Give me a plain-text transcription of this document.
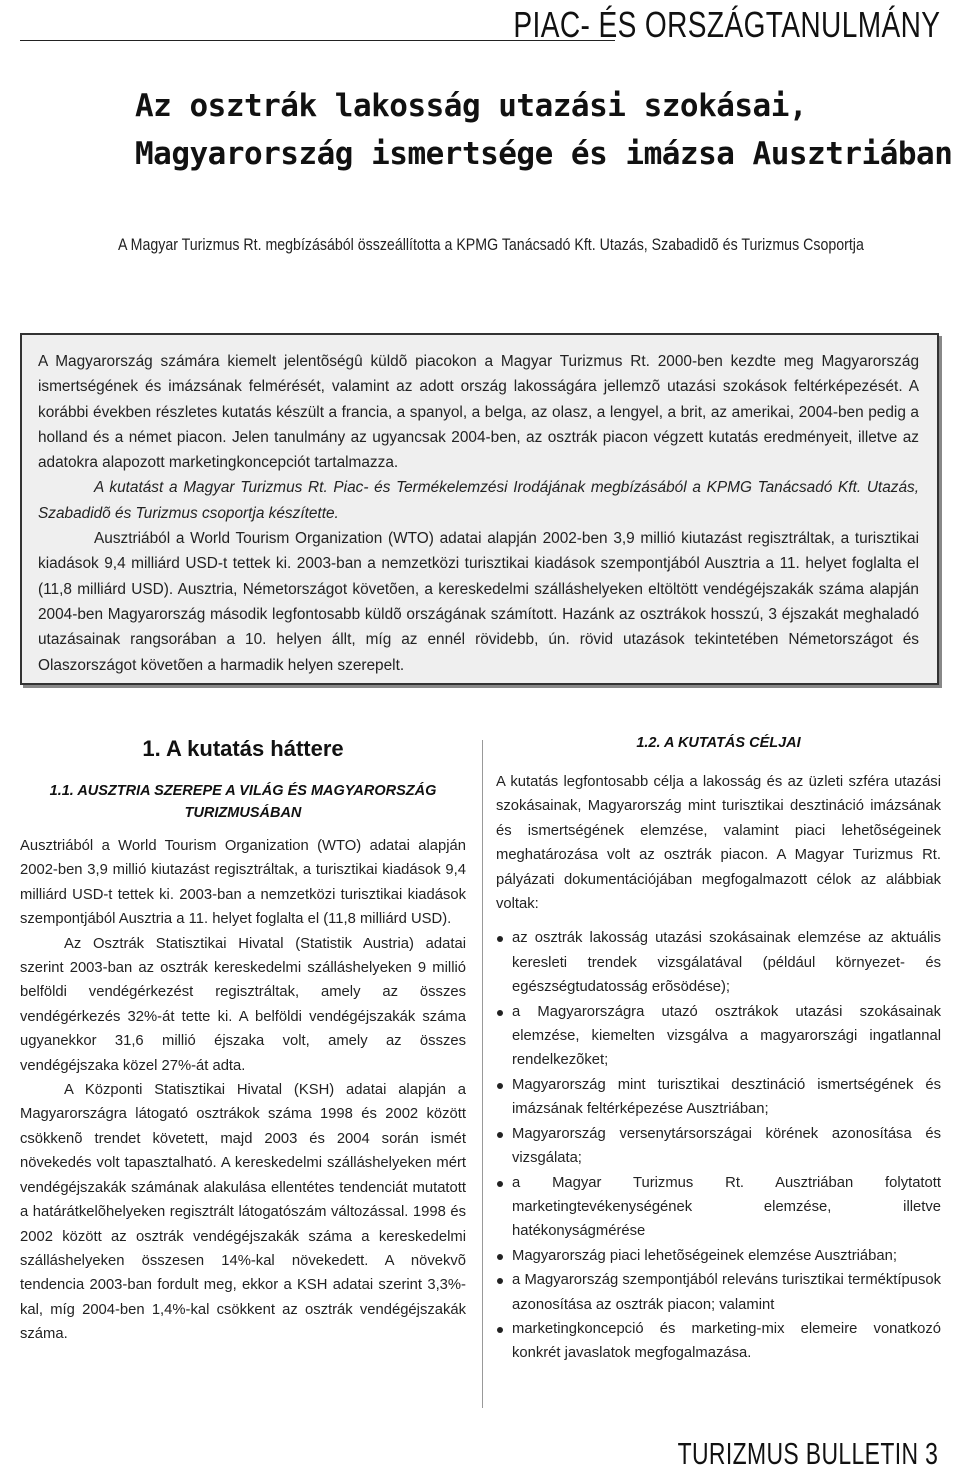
PIAC- ÉS ORSZÁGTANULMÁNY
Az osztrák lakosság utazási szokásai,
Magyarország ismertsége és imázsa Ausztriában
A Magyar Turizmus Rt. megbízásából összeállította a KPMG Tanácsadó Kft. Utazás, Szabadidõ és Turizmus Csoportja

A Magyarország számára kiemelt jelentõségû küldõ piacokon a Magyar Turizmus Rt. 2000-ben kezdte meg Magyarország ismertségének és imázsának felmérését, valamint az adott ország lakosságára jellemzõ utazási szokások feltérképezését. A korábbi években részletes kutatás készült a francia, a spanyol, a belga, az olasz, a lengyel, a brit, az amerikai, 2004-ben pedig a holland és a német piacon. Jelen tanulmány az ugyancsak 2004-ben, az osztrák piacon végzett kutatás eredményeit, illetve az adatokra alapozott marketingkoncepciót tartalmazza.

A kutatást a Magyar Turizmus Rt. Piac- és Termékelemzési Irodájának megbízásából a KPMG Tanácsadó Kft. Utazás, Szabadidõ és Turizmus csoportja készítette.

Ausztriából a World Tourism Organization (WTO) adatai alapján 2002-ben 3,9 millió kiutazást regisztráltak, a turisztikai kiadások 9,4 milliárd USD-t tettek ki. 2003-ban a nemzetközi turisztikai kiadások szempontjából Ausztria a 11. helyet foglalta el (11,8 milliárd USD). Ausztria, Németországot követõen, a kereskedelmi szálláshelyeken eltöltött vendégéjszakák száma alapján 2004-ben Magyarország második legfontosabb küldõ országának számított. Hazánk az osztrákok hosszú, 3 éjszakát meghaladó utazásainak rangsorában a 10. helyen állt, míg az ennél rövidebb, ún. rövid utazások tekintetében Németországot és Olaszországot követõen a harmadik helyen szerepelt.

1. A kutatás háttere
1.1. AUSZTRIA SZEREPE A VILÁG ÉS MAGYARORSZÁG TURIZMUSÁBAN

Ausztriából a World Tourism Organization (WTO) adatai alapján 2002-ben 3,9 millió kiutazást regisztráltak, a turisztikai kiadások 9,4 milliárd USD-t tettek ki. 2003-ban a nemzetközi turisztikai kiadások szempontjából Ausztria a 11. helyet foglalta el (11,8 milliárd USD).

Az Osztrák Statisztikai Hivatal (Statistik Austria) adatai szerint 2003-ban az osztrák kereskedelmi szálláshelyeken 9 millió belföldi vendégérkezést regisztráltak, amely az összes vendégérkezés 32%-át tette ki. A belföldi vendégéjszakák száma ugyanekkor 31,6 millió éjszaka volt, amely az összes vendégéjszaka közel 27%-át adta.

A Központi Statisztikai Hivatal (KSH) adatai alapján a Magyarországra látogató osztrákok száma 1998 és 2002 között csökkenõ trendet követett, majd 2003 és 2004 során ismét növekedés volt tapasztalható. A kereskedelmi szálláshelyeken mért vendégéjszakák számának alakulása ellentétes tendenciát mutatott a határátkelõhelyeken regisztrált látogatószám változással. 1998 és 2002 között az osztrák vendégéjszakák száma a kereskedelmi szálláshelyeken összesen 14%-kal növekedett. A növekvõ tendencia 2003-ban fordult meg, ekkor a KSH adatai szerint 3,3%-kal, míg 2004-ben 1,4%-kal csökkent az osztrák vendégéjszakák száma.

1.2. A KUTATÁS CÉLJAI

A kutatás legfontosabb célja a lakosság és az üzleti szféra utazási szokásainak, Magyarország mint turisztikai desztináció imázsának és ismertségének elemzése, valamint piaci lehetõségeinek meghatározása volt az osztrák piacon. A Magyar Turizmus Rt. pályázati dokumentációjában megfogalmazott célok az alábbiak voltak:

az osztrák lakosság utazási szokásainak elemzése az aktuális keresleti trendek vizsgálatával (például környezet- és egészségtudatosság erõsödése);
a Magyarországra utazó osztrákok utazási szokásainak elemzése, kiemelten vizsgálva a magyarországi ingatlannal rendelkezõket;
Magyarország mint turisztikai desztináció ismertségének és imázsának feltérképezése Ausztriában;
Magyarország versenytársországai körének azonosítása és vizsgálata;
a Magyar Turizmus Rt. Ausztriában folytatott marketingtevékenységének elemzése, illetve hatékonyságmérése
Magyarország piaci lehetõségeinek elemzése Ausztriában;
a Magyarország szempontjából releváns turisztikai terméktípusok azonosítása az osztrák piacon; valamint
marketingkoncepció és marketing-mix elemeire vonatkozó konkrét javaslatok megfogalmazása.
TURIZMUS BULLETIN 3
